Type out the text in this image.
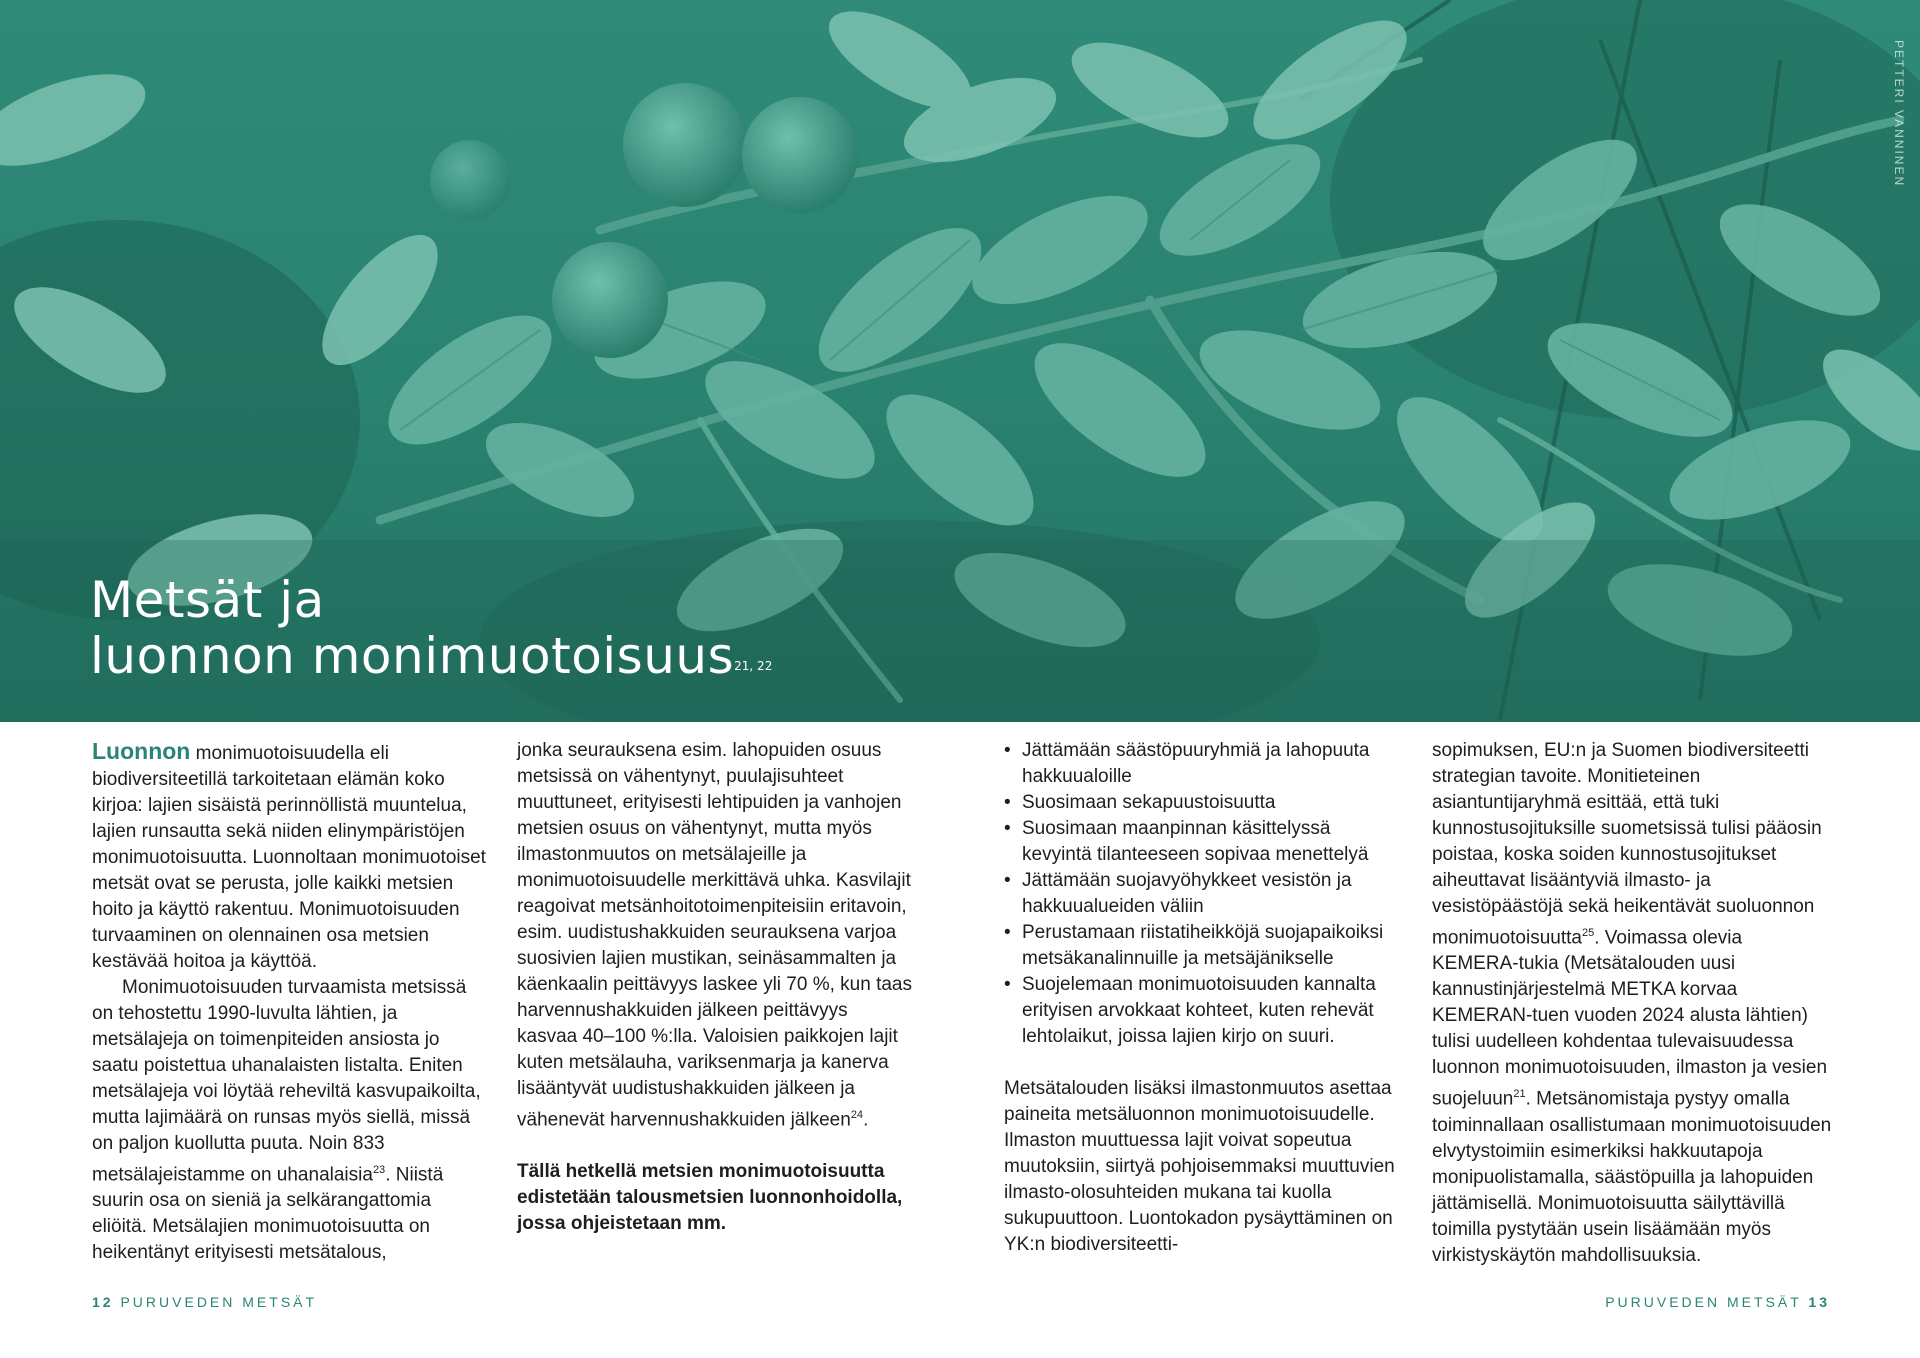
PETTERI VANNINEN
Metsät ja
luonnon monimuotoisuus$^{21, 22}$

Luonnon monimuotoisuudella eli biodiversiteetillä tarkoitetaan elämän koko kirjoa: lajien sisäistä perinnöllistä muuntelua, lajien runsautta sekä niiden elinympäristöjen monimuotoisuutta. Luonnoltaan monimuotoiset metsät ovat se perusta, jolle kaikki metsien hoito ja käyttö rakentuu. Monimuotoisuuden turvaaminen on olennainen osa metsien kestävää hoitoa ja käyttöä.

Monimuotoisuuden turvaamista metsissä on tehostettu 1990-luvulta lähtien, ja metsälajeja on toimenpiteiden ansiosta jo saatu poistettua uhanalaisten listalta. Eniten metsälajeja voi löytää reheviltä kasvupaikoilta, mutta lajimäärä on runsas myös siellä, missä on paljon kuollutta puuta. Noin 833 metsälajeistamme on uhanalaisia$^{23}$. Niistä suurin osa on sieniä ja selkärangattomia eliöitä. Metsälajien monimuotoisuutta on heikentänyt erityisesti metsätalous,

jonka seurauksena esim. lahopuiden osuus metsissä on vähentynyt, puulajisuhteet muuttuneet, erityisesti lehtipuiden ja vanhojen metsien osuus on vähentynyt, mutta myös ilmastonmuutos on metsälajeille ja monimuotoisuudelle merkittävä uhka. Kasvilajit reagoivat metsänhoitotoimenpiteisiin eritavoin, esim. uudistushakkuiden seurauksena varjoa suosivien lajien mustikan, seinäsammalten ja käenkaalin peittävyys laskee yli 70 %, kun taas harvennushakkuiden jälkeen peittävyys kasvaa 40–100 %:lla. Valoisien paikkojen lajit kuten metsälauha, variksenmarja ja kanerva lisääntyvät uudistushakkuiden jälkeen ja vähenevät harvennushakkuiden jälkeen$^{24}$.

Tällä hetkellä metsien monimuotoisuutta edistetään talousmetsien luonnonhoidolla, jossa ohjeistetaan mm.

• Jättämään säästöpuuryhmiä ja lahopuuta hakkuualoille
• Suosimaan sekapuustoisuutta
• Suosimaan maanpinnan käsittelyssä kevyintä tilanteeseen sopivaa menettelyä
• Jättämään suojavyöhykkeet vesistön ja hakkuualueiden väliin
• Perustamaan riistatiheikköjä suojapaikoiksi metsäkanalinnuille ja metsäjänikselle
• Suojelemaan monimuotoisuuden kannalta erityisen arvokkaat kohteet, kuten rehevät lehtolaikut, joissa lajien kirjo on suuri.

Metsätalouden lisäksi ilmastonmuutos asettaa paineita metsäluonnon monimuotoisuudelle. Ilmaston muuttuessa lajit voivat sopeutua muutoksiin, siirtyä pohjoisemmaksi muuttuvien ilmasto-olosuhteiden mukana tai kuolla sukupuuttoon. Luontokadon pysäyttäminen on YK:n biodiversiteetti-

sopimuksen, EU:n ja Suomen biodiversiteetti strategian tavoite. Monitieteinen asiantuntijaryhmä esittää, että tuki kunnostusojituksille suometsissä tulisi pääosin poistaa, koska soiden kunnostusojitukset aiheuttavat lisääntyviä ilmasto- ja vesistöpäästöjä sekä heikentävät suoluonnon monimuotoisuutta$^{25}$. Voimassa olevia KEMERA-tukia (Metsätalouden uusi kannustinjärjestelmä METKA korvaa KEMERAN-tuen vuoden 2024 alusta lähtien) tulisi uudelleen kohdentaa tulevaisuudessa luonnon monimuotoisuuden, ilmaston ja vesien suojeluun$^{21}$. Metsänomistaja pystyy omalla toiminnallaan osallistumaan monimuotoisuuden elvytystoimiin esimerkiksi hakkuutapoja monipuolistamalla, säästöpuilla ja lahopuiden jättämisellä. Monimuotoisuutta säilyttävillä toimilla pystytään usein lisäämään myös virkistyskäytön mahdollisuuksia.

12 PURUVEDEN METSÄT	PURUVEDEN METSÄT 13
